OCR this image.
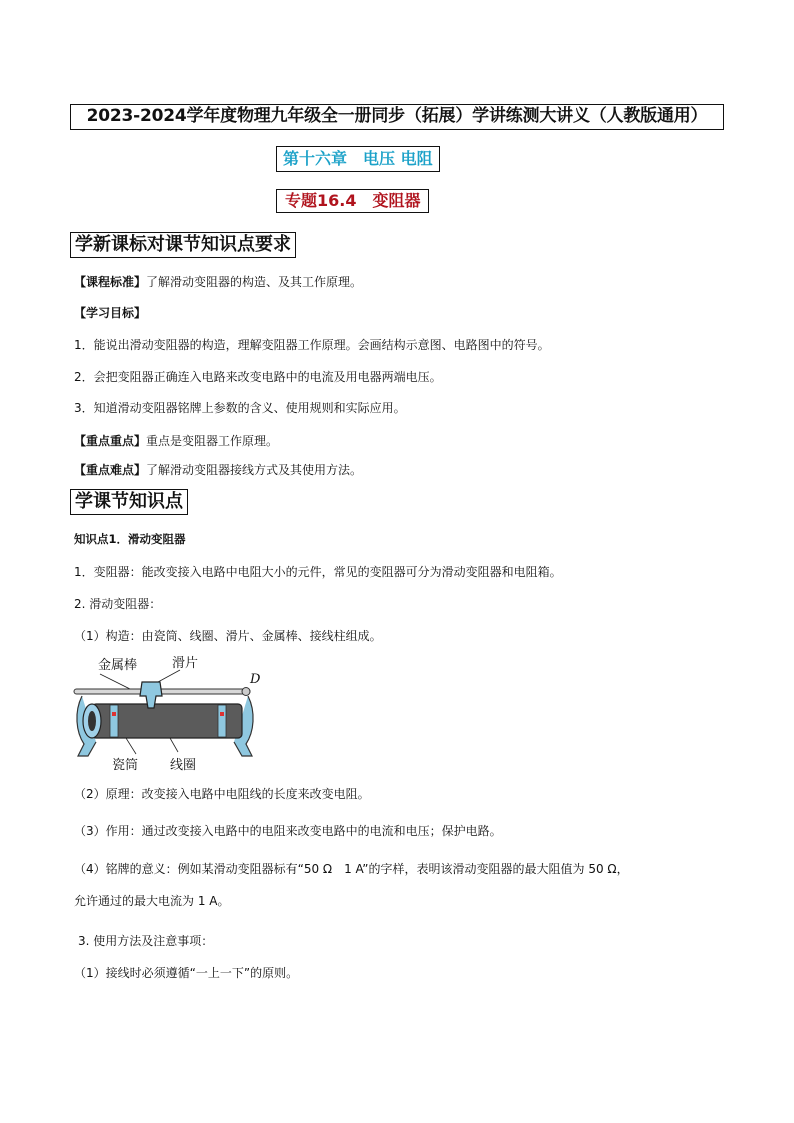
2023-2024学年度物理九年级全一册同步（拓展）学讲练测大讲义（人教版通用）
第十六章　电压 电阻
专题16.4　变阻器
学新课标对课节知识点要求
【课程标准】了解滑动变阻器的构造、及其工作原理。
【学习目标】
1．能说出滑动变阻器的构造，理解变阻器工作原理。会画结构示意图、电路图中的符号。
2．会把变阻器正确连入电路来改变电路中的电流及用电器两端电压。
3．知道滑动变阻器铭牌上参数的含义、使用规则和实际应用。
【重点重点】重点是变阻器工作原理。
【重点难点】了解滑动变阻器接线方式及其使用方法。
学课节知识点
知识点1．滑动变阻器
1．变阻器：能改变接入电路中电阻大小的元件，常见的变阻器可分为滑动变阻器和电阻箱。
2. 滑动变阻器：
（1）构造：由瓷筒、线圈、滑片、金属棒、接线柱组成。
金属棒	滑片
D
瓷筒 线圈
（2）原理：改变接入电路中电阻线的长度来改变电阻。
（3）作用：通过改变接入电路中的电阻来改变电路中的电流和电压；保护电路。
（4）铭牌的意义：例如某滑动变阻器标有“50 Ω　1 A”的字样，表明该滑动变阻器的最大阻值为 50 Ω，
允许通过的最大电流为 1 A。
3. 使用方法及注意事项：
（1）接线时必须遵循“一上一下”的原则。
